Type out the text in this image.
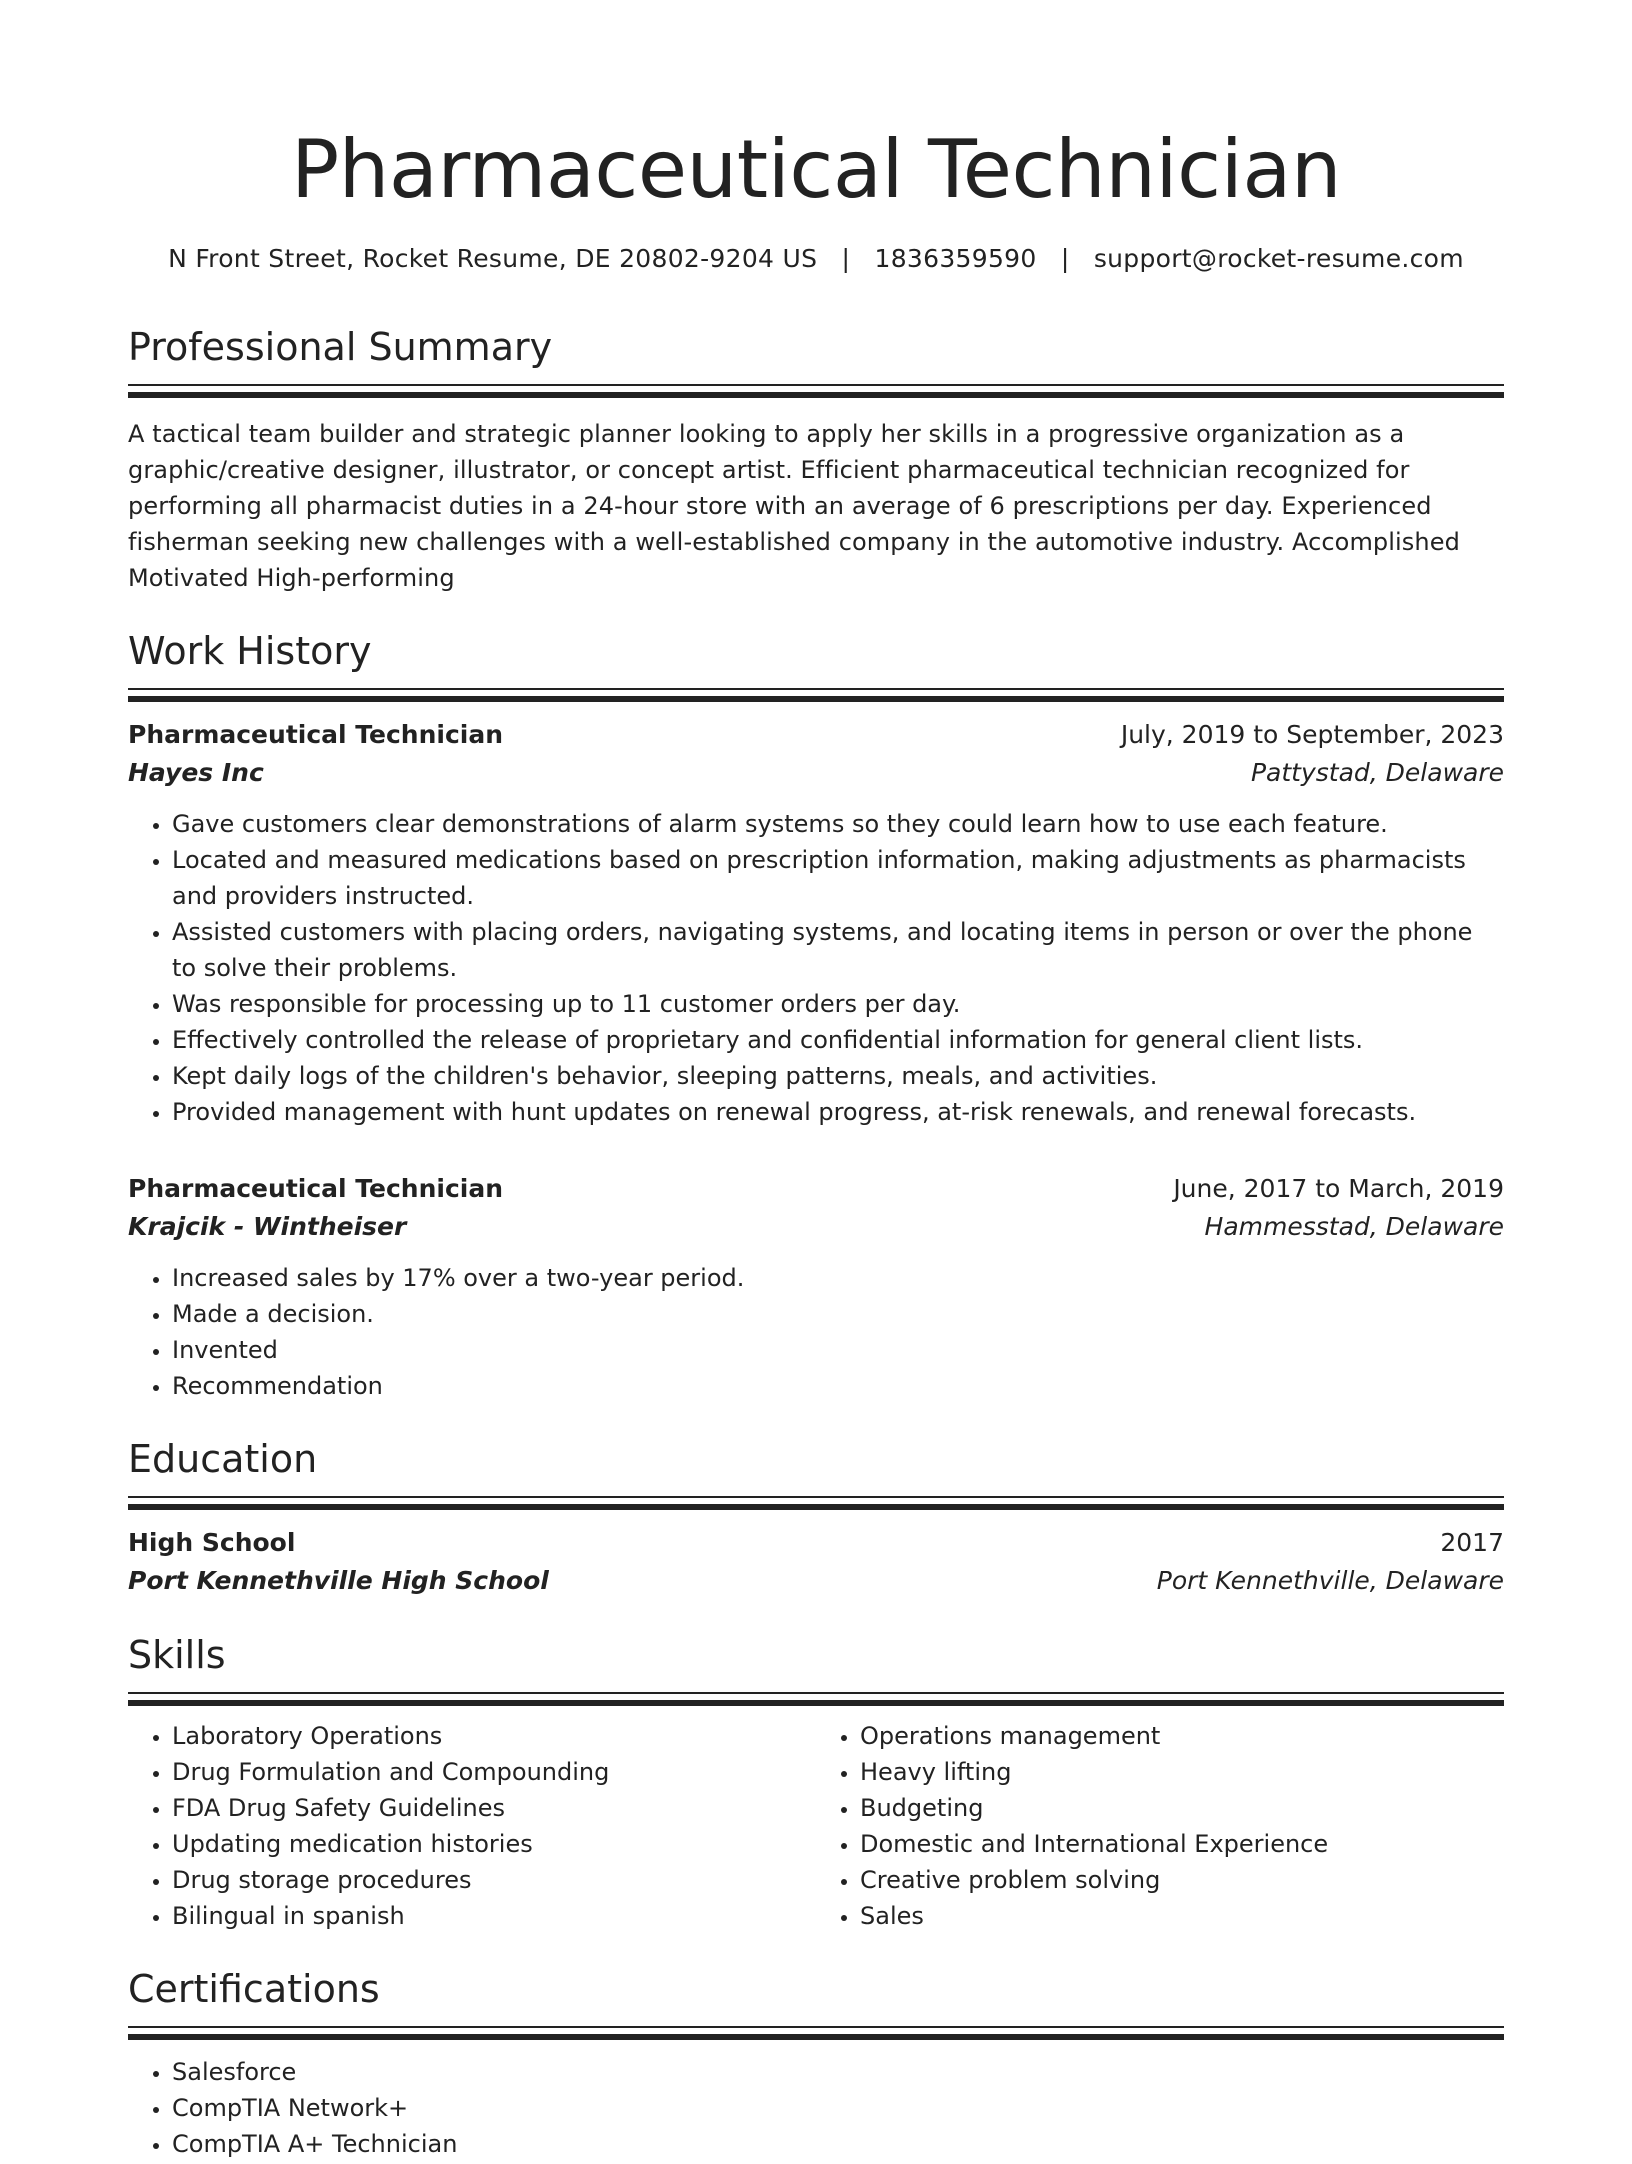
Pharmaceutical Technician
N Front Street, Rocket Resume, DE 20802-9204 US | 1836359590 | support@rocket-resume.com
Professional Summary
A tactical team builder and strategic planner looking to apply her skills in a progressive organization as a graphic/creative designer, illustrator, or concept artist. Efficient pharmaceutical technician recognized for performing all pharmacist duties in a 24-hour store with an average of 6 prescriptions per day. Experienced fisherman seeking new challenges with a well-established company in the automotive industry. Accomplished Motivated High-performing
Work History
Pharmaceutical Technician	July, 2019 to September, 2023
Hayes Inc	Pattystad, Delaware
• Gave customers clear demonstrations of alarm systems so they could learn how to use each feature.
• Located and measured medications based on prescription information, making adjustments as pharmacists and providers instructed.
• Assisted customers with placing orders, navigating systems, and locating items in person or over the phone to solve their problems.
• Was responsible for processing up to 11 customer orders per day.
• Effectively controlled the release of proprietary and confidential information for general client lists.
• Kept daily logs of the children's behavior, sleeping patterns, meals, and activities.
• Provided management with hunt updates on renewal progress, at-risk renewals, and renewal forecasts.
Pharmaceutical Technician	June, 2017 to March, 2019
Krajcik - Wintheiser	Hammesstad, Delaware
• Increased sales by 17% over a two-year period.
• Made a decision.
• Invented
• Recommendation
Education
High School	2017
Port Kennethville High School	Port Kennethville, Delaware
Skills
• Laboratory Operations
• Drug Formulation and Compounding
• FDA Drug Safety Guidelines
• Updating medication histories
• Drug storage procedures
• Bilingual in spanish
• Operations management
• Heavy lifting
• Budgeting
• Domestic and International Experience
• Creative problem solving
• Sales
Certifications
• Salesforce
• CompTIA Network+
• CompTIA A+ Technician
